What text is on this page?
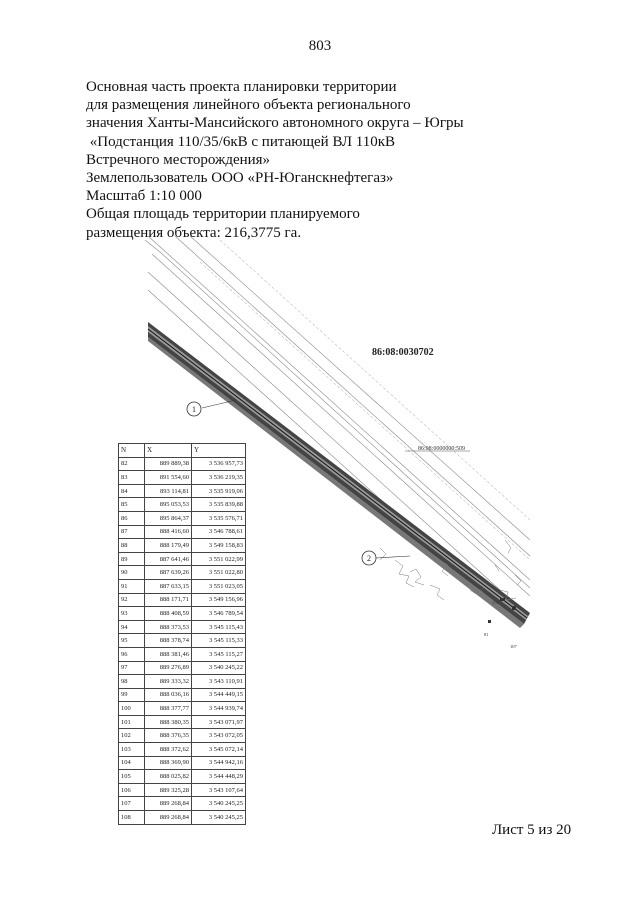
803
Основная часть проекта планировки территории
для размещения линейного объекта регионального
значения Ханты-Мансийского автономного округа – Югры
«Подстанция 110/35/6кВ с питающей ВЛ 110кВ
Встречного месторождения»
Землепользователь ООО «РН-Юганскнефтегаз»
Масштаб 1:10 000
Общая площадь территории планируемого
размещения объекта: 216,3775 га.
86:08:0030702
86:08:0000000:509
1
2
178
81
107
N	X	Y
82	889 889,38	3 536 957,73
83	891 554,60	3 536 219,35
84	893 114,81	3 535 919,06
85	895 053,53	3 535 839,88
86	895 864,37	3 535 576,71
87	888 416,60	3 546 788,61
88	888 179,49	3 549 158,83
89	887 641,46	3 551 022,99
90	887 639,26	3 551 022,80
91	887 633,15	3 551 023,05
92	888 171,71	3 549 156,96
93	888 408,59	3 546 789,54
94	888 373,53	3 545 115,43
95	888 378,74	3 545 115,33
96	888 381,46	3 545 115,27
97	889 276,89	3 540 245,22
98	889 333,32	3 543 110,91
99	888 036,16	3 544 449,15
100	888 377,77	3 544 939,74
101	888 380,35	3 543 071,97
102	888 376,35	3 543 072,05
103	888 372,62	3 545 072,14
104	888 369,90	3 544 942,16
105	888 025,82	3 544 448,29
106	889 325,28	3 543 107,64
107	889 268,84	3 540 245,25
108	889 268,84	3 540 245,25
Лист 5 из 20
